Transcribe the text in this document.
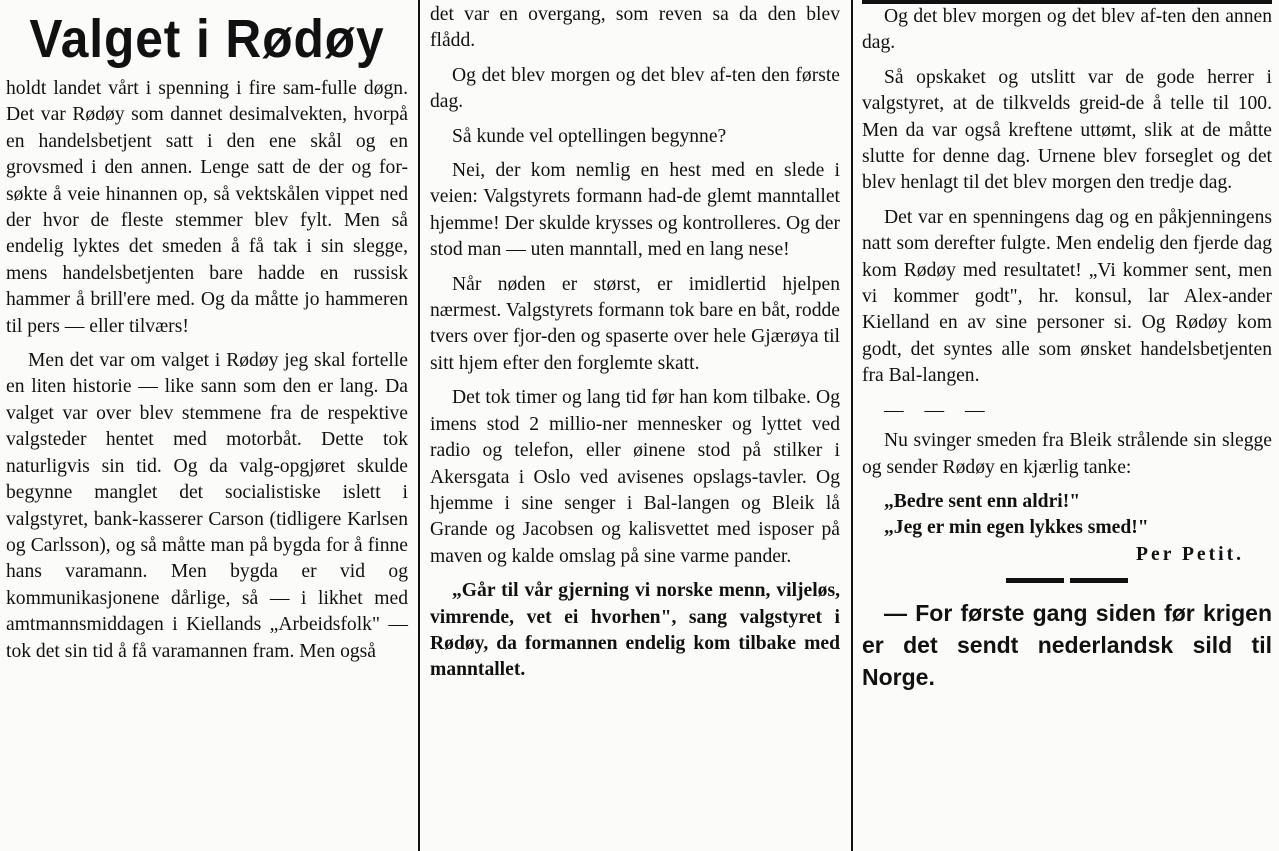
Valget i Rødøy

holdt landet vårt i spenning i fire sam-fulle døgn. Det var Rødøy som dannet desimalvekten, hvorpå en handelsbetjent satt i den ene skål og en grovsmed i den annen. Lenge satt de der og for-søkte å veie hinannen op, så vektskålen vippet ned der hvor de fleste stemmer blev fylt. Men så endelig lyktes det smeden å få tak i sin slegge, mens handelsbetjenten bare hadde en russisk hammer å brill'ere med. Og da måtte jo hammeren til pers — eller tilværs!

Men det var om valget i Rødøy jeg skal fortelle en liten historie — like sann som den er lang. Da valget var over blev stemmene fra de respektive valgsteder hentet med motorbåt. Dette tok naturligvis sin tid. Og da valg-opgjøret skulde begynne manglet det socialistiske islett i valgstyret, bank-kasserer Carson (tidligere Karlsen og Carlsson), og så måtte man på bygda for å finne hans varamann. Men bygda er vid og kommunikasjonene dårlige, så — i likhet med amtmannsmiddagen i Kiellands „Arbeidsfolk" — tok det sin tid å få varamannen fram. Men også

det var en overgang, som reven sa da den blev flådd.

Og det blev morgen og det blev af-ten den første dag.

Så kunde vel optellingen begynne?

Nei, der kom nemlig en hest med en slede i veien: Valgstyrets formann had-de glemt manntallet hjemme! Der skulde krysses og kontrolleres. Og der stod man — uten manntall, med en lang nese!

Når nøden er størst, er imidlertid hjelpen nærmest. Valgstyrets formann tok bare en båt, rodde tvers over fjor-den og spaserte over hele Gjærøya til sitt hjem efter den forglemte skatt.

Det tok timer og lang tid før han kom tilbake. Og imens stod 2 millio-ner mennesker og lyttet ved radio og telefon, eller øinene stod på stilker i Akersgata i Oslo ved avisenes opslags-tavler. Og hjemme i sine senger i Bal-langen og Bleik lå Grande og Jacobsen og kalisvettet med isposer på maven og kalde omslag på sine varme pander.

„Går til vår gjerning vi norske menn, viljeløs, vimrende, vet ei hvorhen", sang valgstyret i Rødøy, da formannen endelig kom tilbake med manntallet.

Og det blev morgen og det blev af-ten den annen dag.

Så opskaket og utslitt var de gode herrer i valgstyret, at de tilkvelds greid-de å telle til 100. Men da var også kreftene uttømt, slik at de måtte slutte for denne dag. Urnene blev forseglet og det blev henlagt til det blev morgen den tredje dag.

Det var en spenningens dag og en påkjenningens natt som derefter fulgte. Men endelig den fjerde dag kom Rødøy med resultatet! „Vi kommer sent, men vi kommer godt", hr. konsul, lar Alex-ander Kielland en av sine personer si. Og Rødøy kom godt, det syntes alle som ønsket handelsbetjenten fra Bal-langen.

— — —

Nu svinger smeden fra Bleik strålende sin slegge og sender Rødøy en kjærlig tanke:

„Bedre sent enn aldri!"

„Jeg er min egen lykkes smed!"

Per Petit.

— For første gang siden før krigen er det sendt nederlandsk sild til Norge.
